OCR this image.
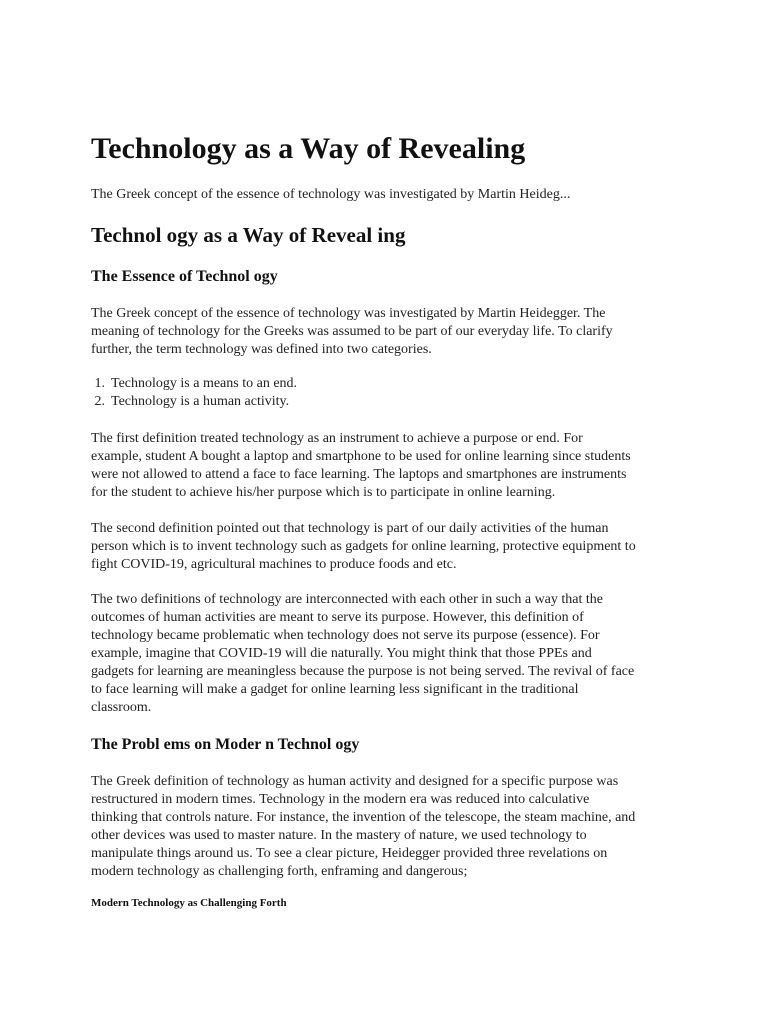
Technology as a Way of Revealing

The Greek concept of the essence of technology was investigated by Martin Heideg...

Technol ogy as a Way of Reveal ing
The Essence of Technol ogy
The Greek concept of the essence of technology was investigated by Martin Heidegger. The
meaning of technology for the Greeks was assumed to be part of our everyday life. To clarify
further, the term technology was defined into two categories.
1. Technology is a means to an end.
2. Technology is a human activity.
The first definition treated technology as an instrument to achieve a purpose or end. For
example, student A bought a laptop and smartphone to be used for online learning since students
were not allowed to attend a face to face learning. The laptops and smartphones are instruments
for the student to achieve his/her purpose which is to participate in online learning.
The second definition pointed out that technology is part of our daily activities of the human
person which is to invent technology such as gadgets for online learning, protective equipment to
fight COVID-19, agricultural machines to produce foods and etc.
The two definitions of technology are interconnected with each other in such a way that the
outcomes of human activities are meant to serve its purpose. However, this definition of
technology became problematic when technology does not serve its purpose (essence). For
example, imagine that COVID-19 will die naturally. You might think that those PPEs and
gadgets for learning are meaningless because the purpose is not being served. The revival of face
to face learning will make a gadget for online learning less significant in the traditional
classroom.
The Probl ems on Moder n Technol ogy
The Greek definition of technology as human activity and designed for a specific purpose was
restructured in modern times. Technology in the modern era was reduced into calculative
thinking that controls nature. For instance, the invention of the telescope, the steam machine, and
other devices was used to master nature. In the mastery of nature, we used technology to
manipulate things around us. To see a clear picture, Heidegger provided three revelations on
modern technology as challenging forth, enframing and dangerous;
Modern Technology as Challenging Forth
